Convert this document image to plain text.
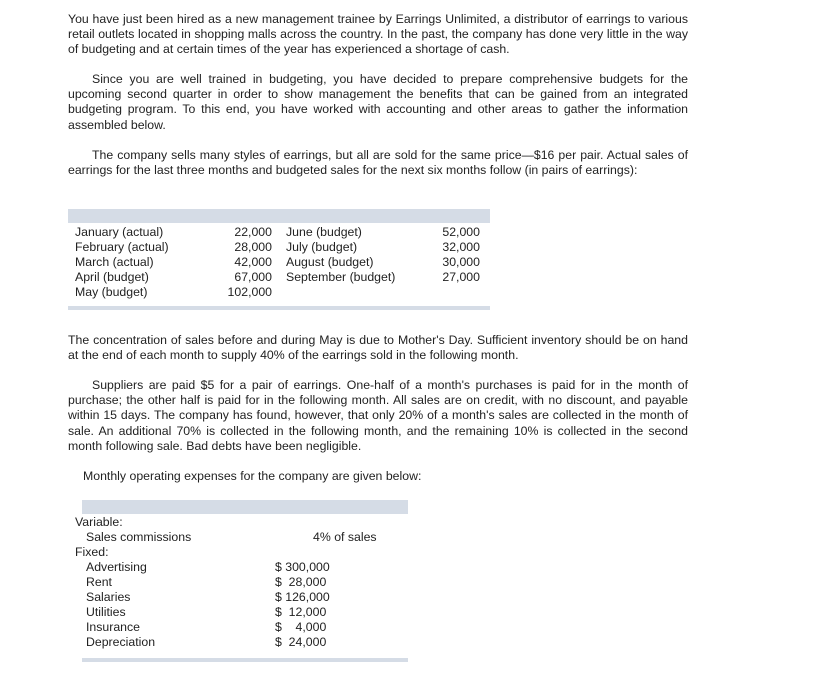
You have just been hired as a new management trainee by Earrings Unlimited, a distributor of earrings to various retail outlets located in shopping malls across the country. In the past, the company has done very little in the way of budgeting and at certain times of the year has experienced a shortage of cash.

Since you are well trained in budgeting, you have decided to prepare comprehensive budgets for the upcoming second quarter in order to show management the benefits that can be gained from an integrated budgeting program. To this end, you have worked with accounting and other areas to gather the information assembled below.

The company sells many styles of earrings, but all are sold for the same price—$16 per pair. Actual sales of earrings for the last three months and budgeted sales for the next six months follow (in pairs of earrings):

January (actual)
February (actual)
March (actual)
April (budget)
May (budget)
22,000
28,000
42,000
67,000
102,000
June (budget)
July (budget)
August (budget)
September (budget)
52,000
32,000
30,000
27,000

The concentration of sales before and during May is due to Mother's Day. Sufficient inventory should be on hand at the end of each month to supply 40% of the earrings sold in the following month.

Suppliers are paid $5 for a pair of earrings. One-half of a month's purchases is paid for in the month of purchase; the other half is paid for in the following month. All sales are on credit, with no discount, and payable within 15 days. The company has found, however, that only 20% of a month's sales are collected in the month of sale. An additional 70% is collected in the following month, and the remaining 10% is collected in the second month following sale. Bad debts have been negligible.

Monthly operating expenses for the company are given below:

Variable:
Sales commissions	4% of sales
Fixed:
Advertising
Rent
Salaries
Utilities
Insurance
Depreciation
$ 300,000
$  28,000
$ 126,000
$  12,000
$    4,000
$  24,000
